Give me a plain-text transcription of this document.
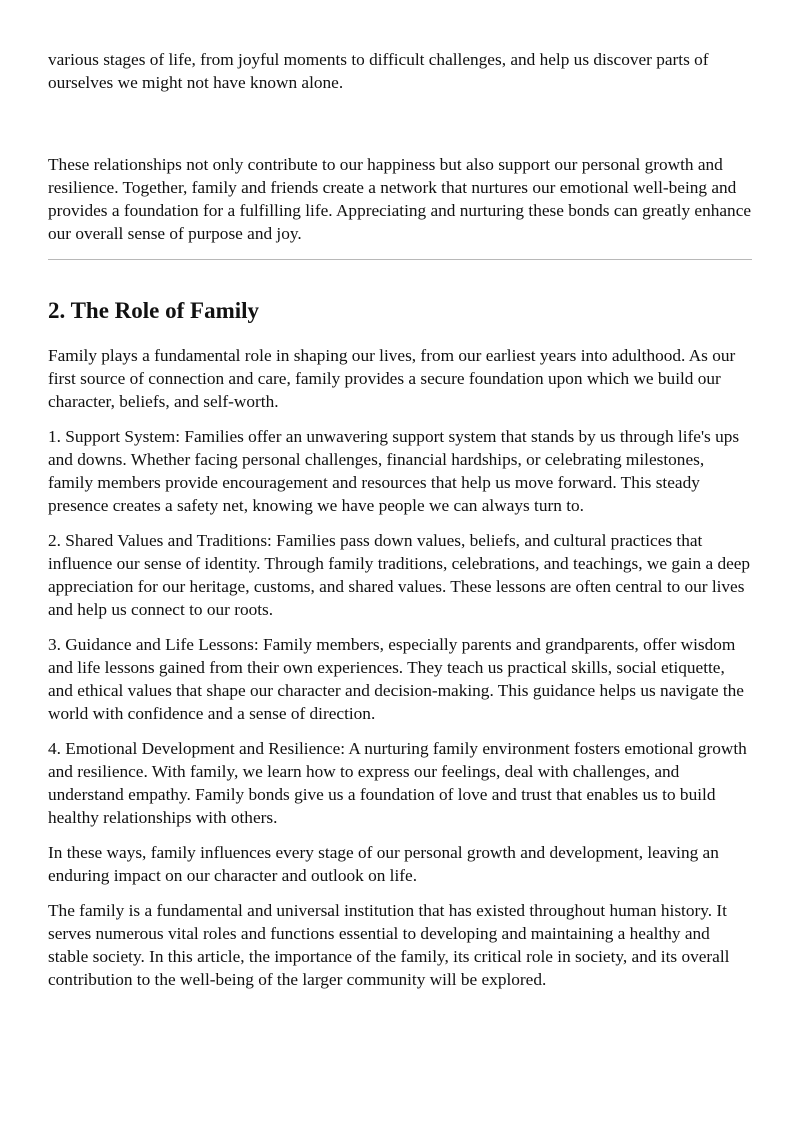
various stages of life, from joyful moments to difficult challenges, and help us discover parts of ourselves we might not have known alone.

These relationships not only contribute to our happiness but also support our personal growth and resilience. Together, family and friends create a network that nurtures our emotional well-being and provides a foundation for a fulfilling life. Appreciating and nurturing these bonds can greatly enhance our overall sense of purpose and joy.

2. The Role of Family

Family plays a fundamental role in shaping our lives, from our earliest years into adulthood. As our first source of connection and care, family provides a secure foundation upon which we build our character, beliefs, and self-worth.

1. Support System: Families offer an unwavering support system that stands by us through life's ups and downs. Whether facing personal challenges, financial hardships, or celebrating milestones, family members provide encouragement and resources that help us move forward. This steady presence creates a safety net, knowing we have people we can always turn to.

2. Shared Values and Traditions: Families pass down values, beliefs, and cultural practices that influence our sense of identity. Through family traditions, celebrations, and teachings, we gain a deep appreciation for our heritage, customs, and shared values. These lessons are often central to our lives and help us connect to our roots.

3. Guidance and Life Lessons: Family members, especially parents and grandparents, offer wisdom and life lessons gained from their own experiences. They teach us practical skills, social etiquette, and ethical values that shape our character and decision-making. This guidance helps us navigate the world with confidence and a sense of direction.

4. Emotional Development and Resilience: A nurturing family environment fosters emotional growth and resilience. With family, we learn how to express our feelings, deal with challenges, and understand empathy. Family bonds give us a foundation of love and trust that enables us to build healthy relationships with others.

In these ways, family influences every stage of our personal growth and development, leaving an enduring impact on our character and outlook on life.

The family is a fundamental and universal institution that has existed throughout human history. It serves numerous vital roles and functions essential to developing and maintaining a healthy and stable society. In this article, the importance of the family, its critical role in society, and its overall contribution to the well-being of the larger community will be explored.
